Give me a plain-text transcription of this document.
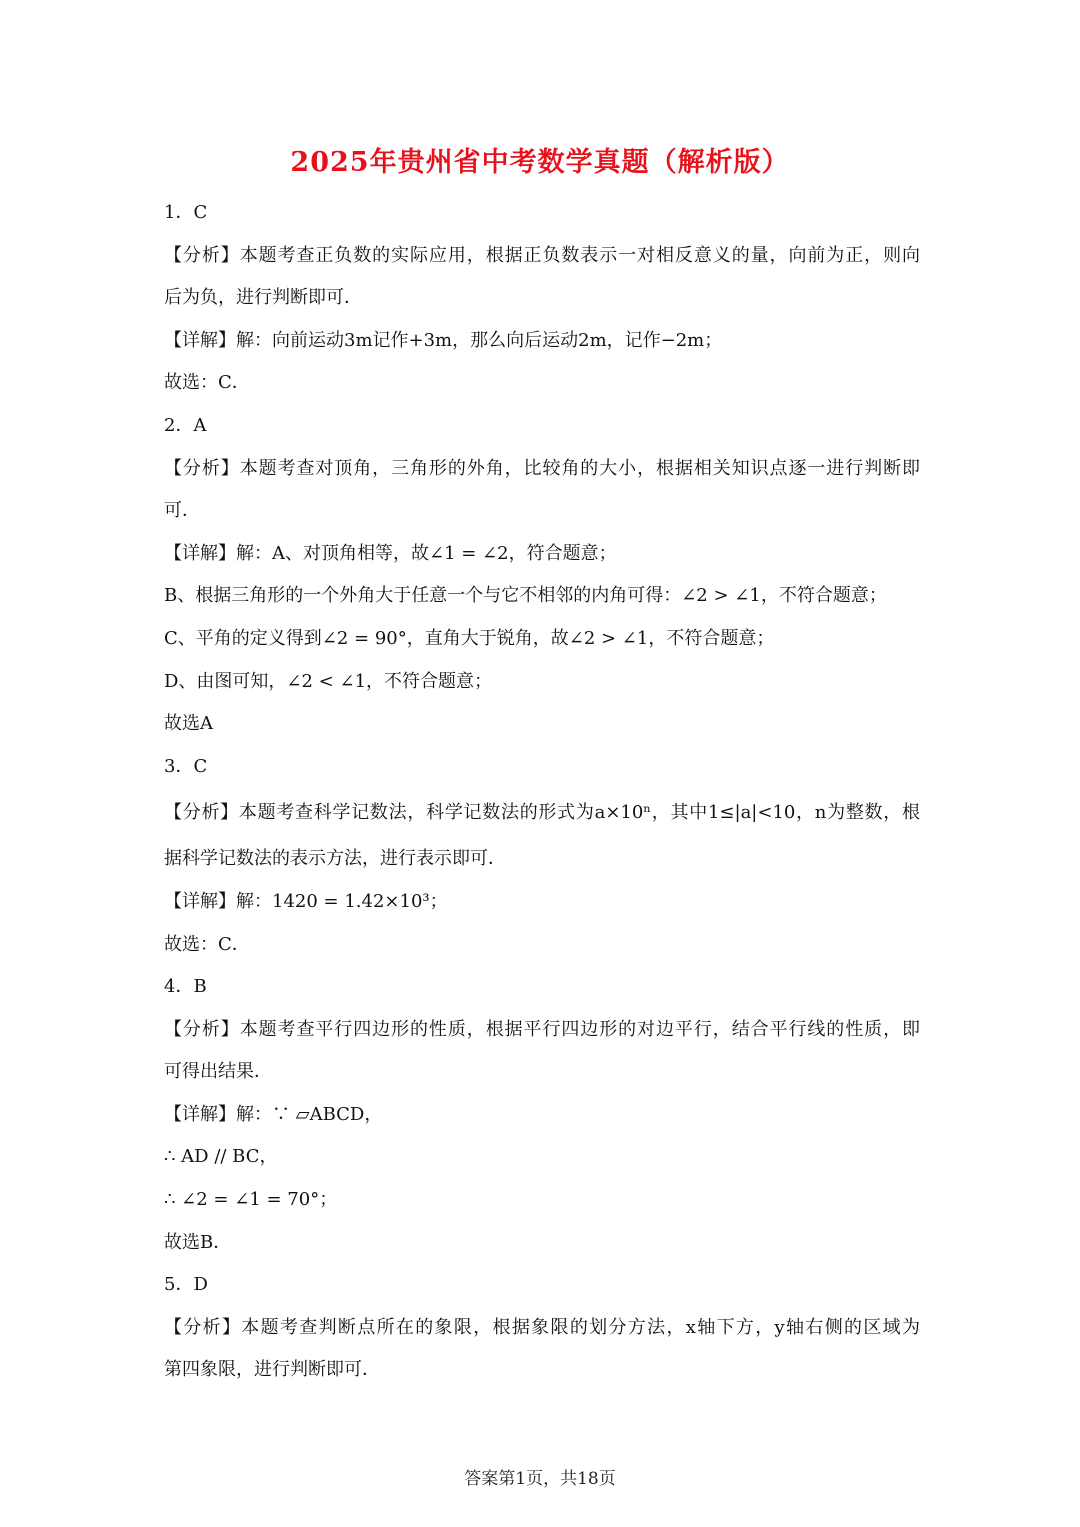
2025年贵州省中考数学真题（解析版）
1．C
【分析】本题考查正负数的实际应用，根据正负数表示一对相反意义的量，向前为正，则向
后为负，进行判断即可．
【详解】解：向前运动3m记作+3m，那么向后运动2m，记作−2m；
故选：C．
2．A
【分析】本题考查对顶角，三角形的外角，比较角的大小，根据相关知识点逐一进行判断即
可．
【详解】解：A、对顶角相等，故∠1 = ∠2，符合题意；
B、根据三角形的一个外角大于任意一个与它不相邻的内角可得：∠2 > ∠1，不符合题意；
C、平角的定义得到∠2 = 90°，直角大于锐角，故∠2 > ∠1，不符合题意；
D、由图可知，∠2 < ∠1，不符合题意；
故选A
3．C
【分析】本题考查科学记数法，科学记数法的形式为a×10ⁿ，其中1≤|a|<10，n为整数，根
据科学记数法的表示方法，进行表示即可．
【详解】解：1420 = 1.42×10³；
故选：C．
4．B
【分析】本题考查平行四边形的性质，根据平行四边形的对边平行，结合平行线的性质，即
可得出结果．
【详解】解：∵ ▱ABCD，
∴ AD // BC，
∴ ∠2 = ∠1 = 70°；
故选B．
5．D
【分析】本题考查判断点所在的象限，根据象限的划分方法，x轴下方，y轴右侧的区域为
第四象限，进行判断即可．
答案第1页，共18页
